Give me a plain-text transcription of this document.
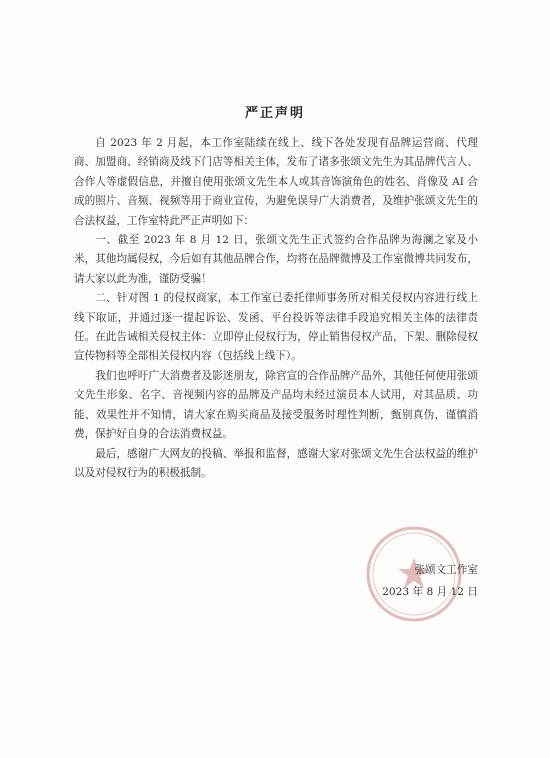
严正声明

自 2023 年 2 月起，本工作室陆续在线上、线下各处发现有品牌运营商、代理商、加盟商、经销商及线下门店等相关主体，发布了诸多张颂文先生为其品牌代言人、合作人等虚假信息，并擅自使用张颂文先生本人或其音饰演角色的姓名、肖像及 AI 合成的照片、音频、视频等用于商业宣传，为避免误导广大消费者，及维护张颂文先生的合法权益，工作室特此严正声明如下：

一、截至 2023 年 8 月 12 日，张颂文先生正式签约合作品牌为海澜之家及小米，其他均属侵权，今后如有其他品牌合作，均将在品牌微博及工作室微博共同发布，请大家以此为准，谨防受骗！

二、针对图 1 的侵权商家，本工作室已委托律师事务所对相关侵权内容进行线上线下取证，并通过逐一提起诉讼、发函、平台投诉等法律手段追究相关主体的法律责任。在此告诫相关侵权主体：立即停止侵权行为，停止销售侵权产品，下架、删除侵权宣传物料等全部相关侵权内容（包括线上线下）。

我们也呼吁广大消费者及影迷朋友，除官宣的合作品牌产品外，其他任何使用张颂文先生形象、名字、音视频内容的品牌及产品均未经过演员本人试用，对其品质、功能、效果性并不知情，请大家在购买商品及接受服务时理性判断，甄别真伪，谨慎消费，保护好自身的合法消费权益。

最后，感谢广大网友的投稿、举报和监督，感谢大家对张颂文先生合法权益的维护以及对侵权行为的积极抵制。

张颂文工作室
2023 年 8 月 12 日
